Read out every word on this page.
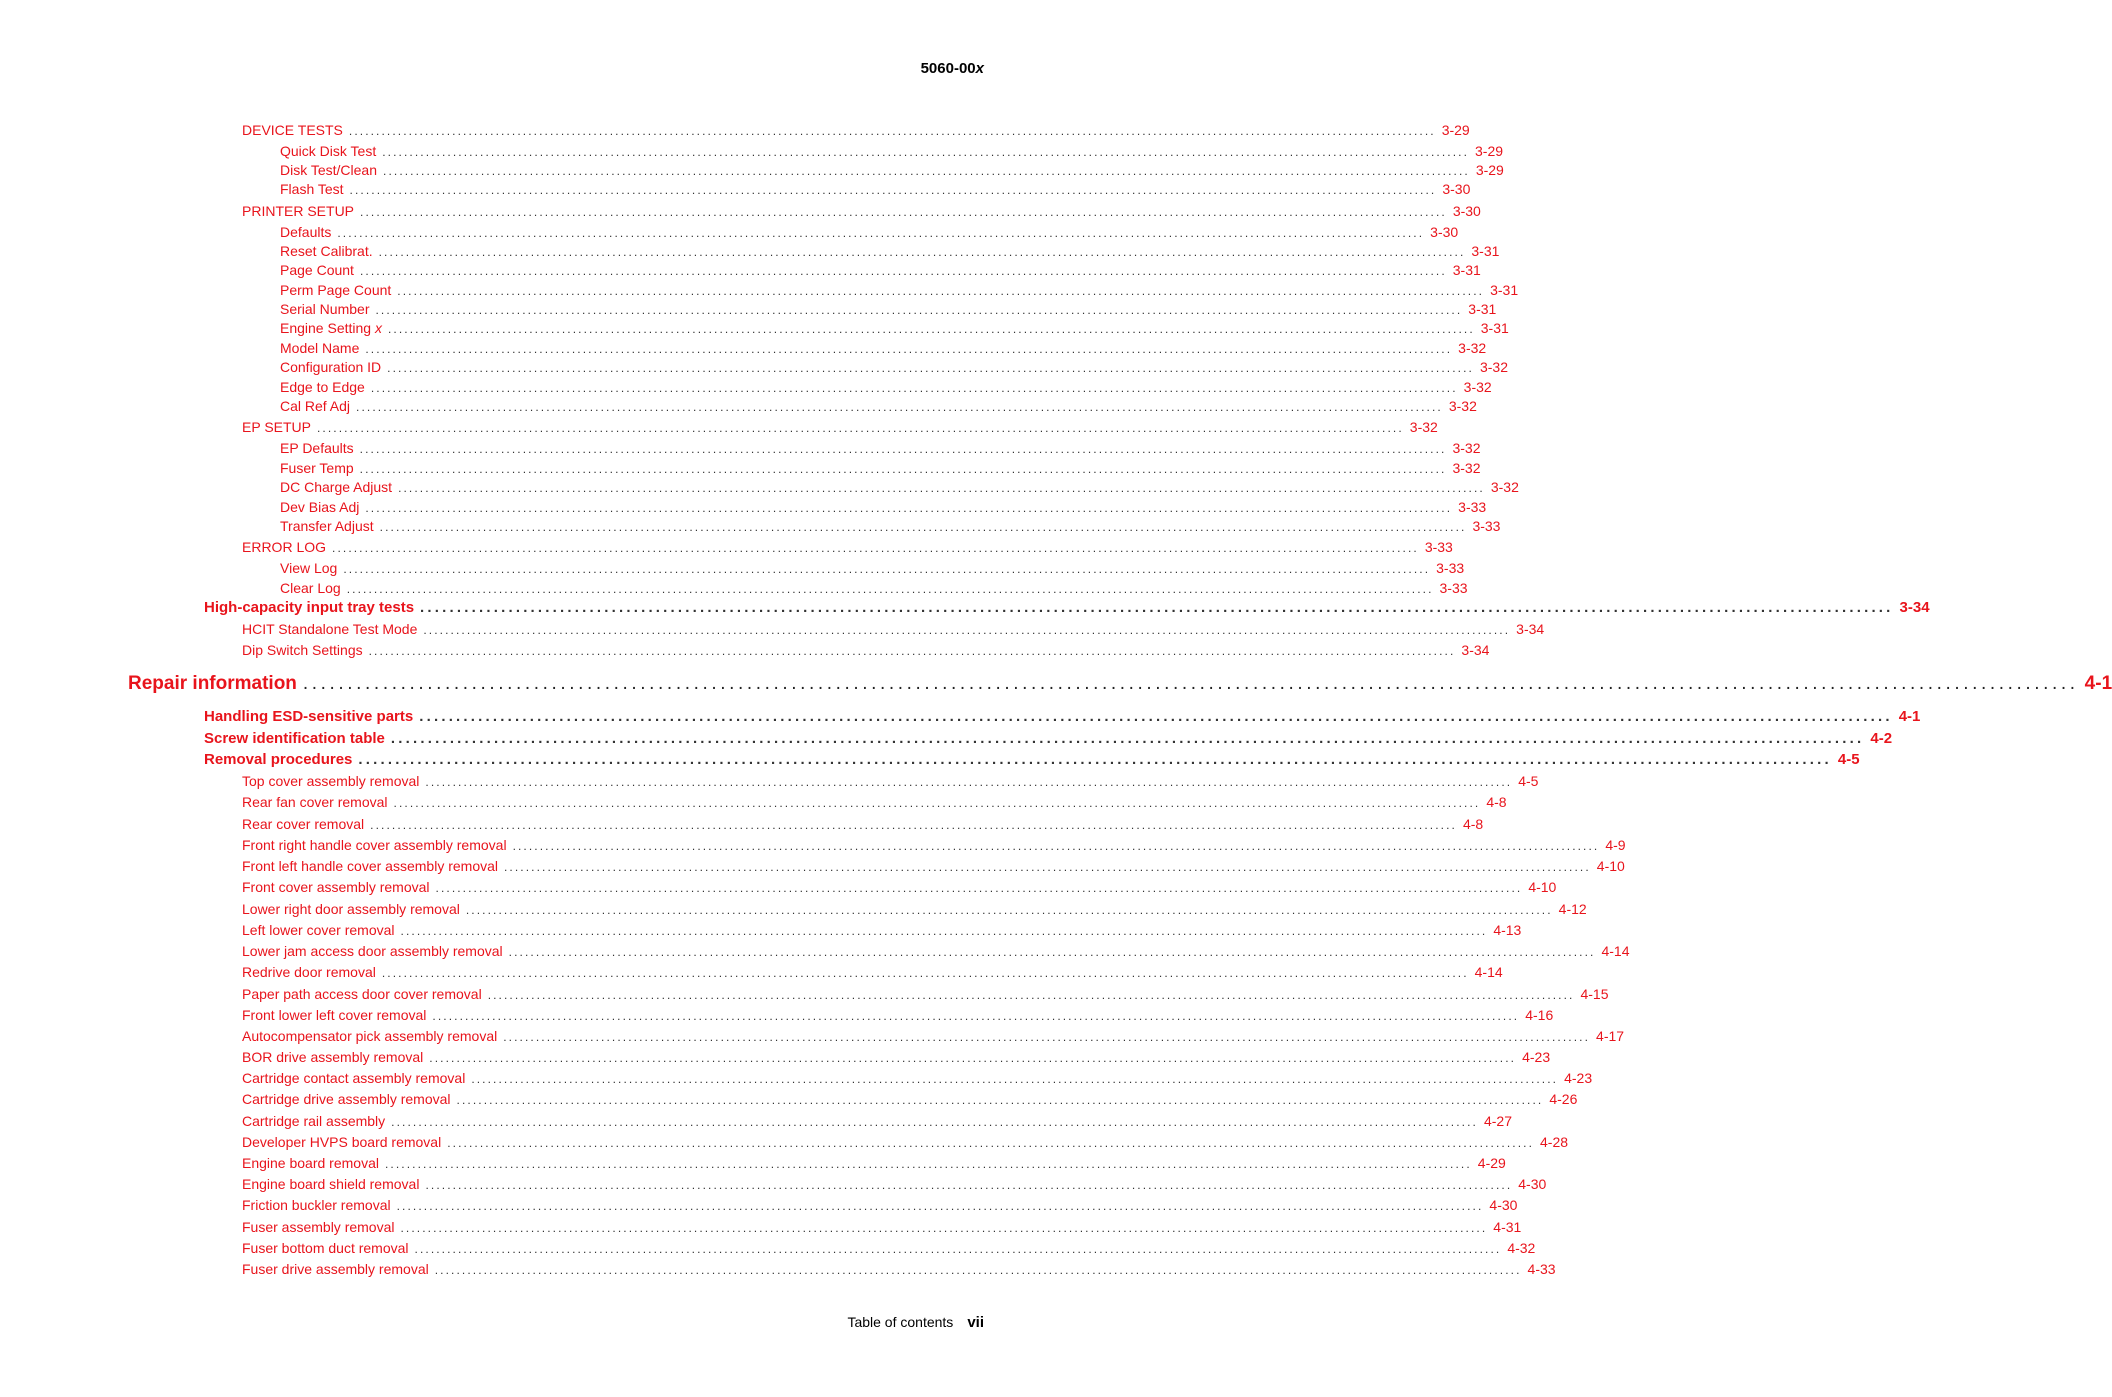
5060-00x
DEVICE TESTS ........................................................................................................................................................................................................ 3-29
Quick Disk Test ........................................................................................................................................................................................................ 3-29
Disk Test/Clean ........................................................................................................................................................................................................ 3-29
Flash Test ........................................................................................................................................................................................................ 3-30
PRINTER SETUP ........................................................................................................................................................................................................ 3-30
Defaults ........................................................................................................................................................................................................ 3-30
Reset Calibrat. ........................................................................................................................................................................................................ 3-31
Page Count ........................................................................................................................................................................................................ 3-31
Perm Page Count ........................................................................................................................................................................................................ 3-31
Serial Number ........................................................................................................................................................................................................ 3-31
Engine Setting x ........................................................................................................................................................................................................ 3-31
Model Name ........................................................................................................................................................................................................ 3-32
Configuration ID ........................................................................................................................................................................................................ 3-32
Edge to Edge ........................................................................................................................................................................................................ 3-32
Cal Ref Adj ........................................................................................................................................................................................................ 3-32
EP SETUP ........................................................................................................................................................................................................ 3-32
EP Defaults ........................................................................................................................................................................................................ 3-32
Fuser Temp ........................................................................................................................................................................................................ 3-32
DC Charge Adjust ........................................................................................................................................................................................................ 3-32
Dev Bias Adj ........................................................................................................................................................................................................ 3-33
Transfer Adjust ........................................................................................................................................................................................................ 3-33
ERROR LOG ........................................................................................................................................................................................................ 3-33
View Log ........................................................................................................................................................................................................ 3-33
Clear Log ........................................................................................................................................................................................................ 3-33
High-capacity input tray tests ........................................................................................................................................................................................................ 3-34
HCIT Standalone Test Mode ........................................................................................................................................................................................................ 3-34
Dip Switch Settings ........................................................................................................................................................................................................ 3-34
Repair information ........................................................................................................................................................................................................ 4-1
Handling ESD-sensitive parts ........................................................................................................................................................................................................ 4-1
Screw identification table ........................................................................................................................................................................................................ 4-2
Removal procedures ........................................................................................................................................................................................................ 4-5
Top cover assembly removal ........................................................................................................................................................................................................ 4-5
Rear fan cover removal ........................................................................................................................................................................................................ 4-8
Rear cover removal ........................................................................................................................................................................................................ 4-8
Front right handle cover assembly removal ........................................................................................................................................................................................................ 4-9
Front left handle cover assembly removal ........................................................................................................................................................................................................ 4-10
Front cover assembly removal ........................................................................................................................................................................................................ 4-10
Lower right door assembly removal ........................................................................................................................................................................................................ 4-12
Left lower cover removal ........................................................................................................................................................................................................ 4-13
Lower jam access door assembly removal ........................................................................................................................................................................................................ 4-14
Redrive door removal ........................................................................................................................................................................................................ 4-14
Paper path access door cover removal ........................................................................................................................................................................................................ 4-15
Front lower left cover removal ........................................................................................................................................................................................................ 4-16
Autocompensator pick assembly removal ........................................................................................................................................................................................................ 4-17
BOR drive assembly removal ........................................................................................................................................................................................................ 4-23
Cartridge contact assembly removal ........................................................................................................................................................................................................ 4-23
Cartridge drive assembly removal ........................................................................................................................................................................................................ 4-26
Cartridge rail assembly ........................................................................................................................................................................................................ 4-27
Developer HVPS board removal ........................................................................................................................................................................................................ 4-28
Engine board removal ........................................................................................................................................................................................................ 4-29
Engine board shield removal ........................................................................................................................................................................................................ 4-30
Friction buckler removal ........................................................................................................................................................................................................ 4-30
Fuser assembly removal ........................................................................................................................................................................................................ 4-31
Fuser bottom duct removal ........................................................................................................................................................................................................ 4-32
Fuser drive assembly removal ........................................................................................................................................................................................................ 4-33
Table of contents vii
